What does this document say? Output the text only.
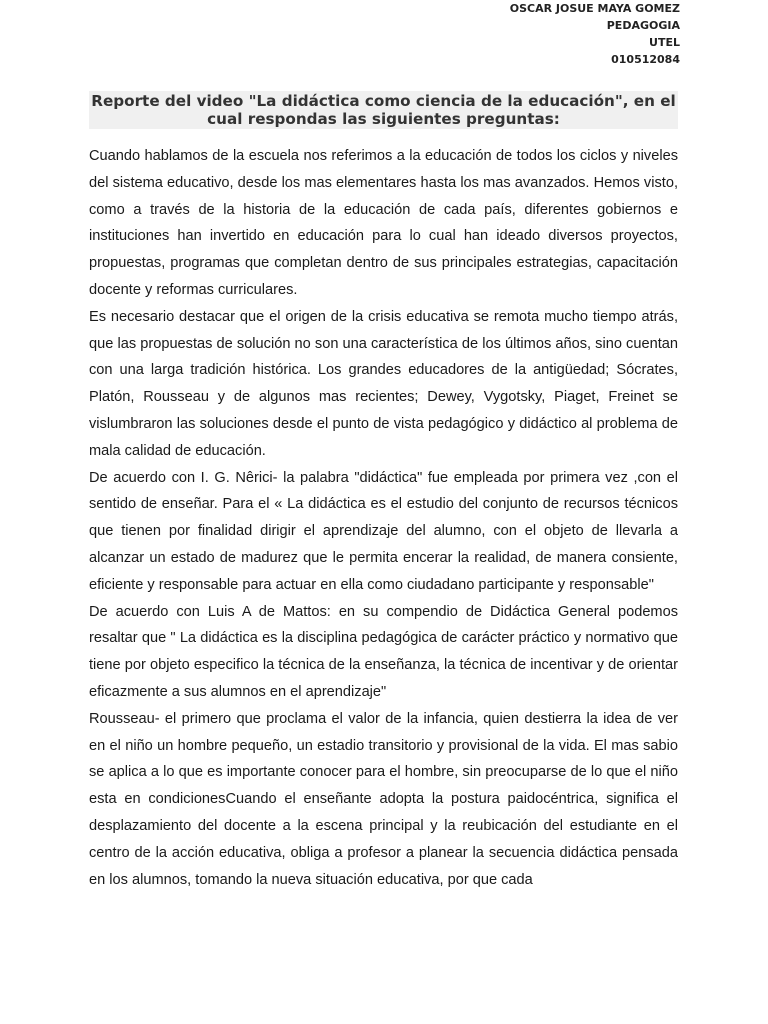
OSCAR JOSUE MAYA GOMEZ
PEDAGOGIA
UTEL
010512084
Reporte del video "La didáctica como ciencia de la educación", en el cual respondas las siguientes preguntas:

Cuando hablamos de la escuela nos referimos a la educación de todos los ciclos y niveles del sistema educativo, desde los mas elementares hasta los mas avanzados. Hemos visto, como a través de la historia de la educación de cada país, diferentes gobiernos e instituciones han invertido en educación para lo cual han ideado diversos proyectos, propuestas, programas que completan dentro de sus principales estrategias, capacitación docente y reformas curriculares.

Es necesario destacar que el origen de la crisis educativa se remota mucho tiempo atrás, que las propuestas de solución no son una característica de los últimos años, sino cuentan con una larga tradición histórica. Los grandes educadores de la antigüedad; Sócrates, Platón, Rousseau y de algunos mas recientes; Dewey, Vygotsky, Piaget, Freinet se vislumbraron las soluciones desde el punto de vista pedagógico y didáctico al problema de mala calidad de educación.

De acuerdo con I. G. Nêrici- la palabra "didáctica" fue empleada por primera vez ,con el sentido de enseñar. Para el « La didáctica es el estudio del conjunto de recursos técnicos que tienen por finalidad dirigir el aprendizaje del alumno, con el objeto de llevarla a alcanzar un estado de madurez que le permita encerar la realidad, de manera consiente, eficiente y responsable para actuar en ella como ciudadano participante y responsable"

De acuerdo con Luis A de Mattos: en su compendio de Didáctica General podemos resaltar que " La didáctica es la disciplina pedagógica de carácter práctico y normativo que tiene por objeto especifico la técnica de la enseñanza, la técnica de incentivar y de orientar eficazmente a sus alumnos en el aprendizaje"

Rousseau- el primero que proclama el valor de la infancia, quien destierra la idea de ver en el niño un hombre pequeño, un estadio transitorio y provisional de la vida. El mas sabio se aplica a lo que es importante conocer para el hombre, sin preocuparse de lo que el niño esta en condicionesCuando el enseñante adopta la postura paidocéntrica, significa el desplazamiento del docente a la escena principal y la reubicación del estudiante en el centro de la acción educativa, obliga a profesor a planear la secuencia didáctica pensada en los alumnos, tomando la nueva situación educativa, por que cada
